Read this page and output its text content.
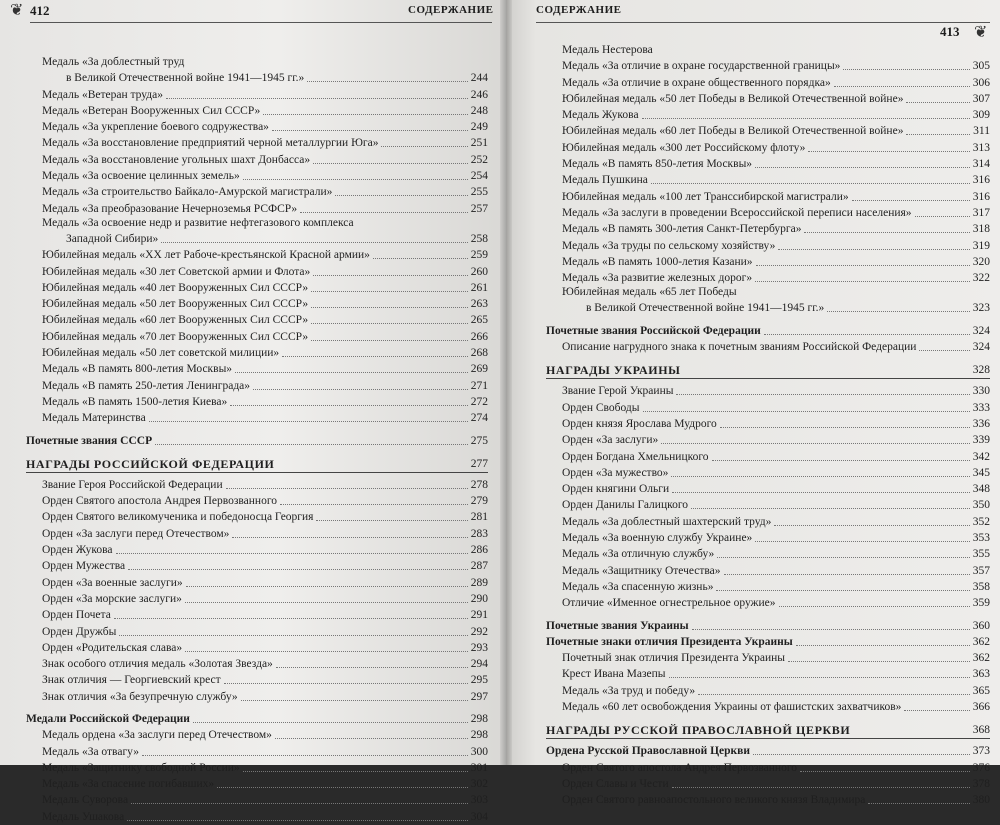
❦ 412	СОДЕРЖАНИЕ
Медаль «За доблестный труд
в Великой Отечественной войне 1941—1945 гг.»	244
Медаль «Ветеран труда»	246
Медаль «Ветеран Вооруженных Сил СССР»	248
Медаль «За укрепление боевого содружества»	249
Медаль «За восстановление предприятий черной металлургии Юга»	251
Медаль «За восстановление угольных шахт Донбасса»	252
Медаль «За освоение целинных земель»	254
Медаль «За строительство Байкало-Амурской магистрали»	255
Медаль «За преобразование Нечерноземья РСФСР»	257
Медаль «За освоение недр и развитие нефтегазового комплекса
Западной Сибири»	258
Юбилейная медаль «XX лет Рабоче-крестьянской Красной армии»	259
Юбилейная медаль «30 лет Советской армии и Флота»	260
Юбилейная медаль «40 лет Вооруженных Сил СССР»	261
Юбилейная медаль «50 лет Вооруженных Сил СССР»	263
Юбилейная медаль «60 лет Вооруженных Сил СССР»	265
Юбилейная медаль «70 лет Вооруженных Сил СССР»	266
Юбилейная медаль «50 лет советской милиции»	268
Медаль «В память 800-летия Москвы»	269
Медаль «В память 250-летия Ленинграда»	271
Медаль «В память 1500-летия Киева»	272
Медаль Материнства	274
Почетные звания СССР	275
НАГРАДЫ РОССИЙСКОЙ ФЕДЕРАЦИИ	277
Звание Героя Российской Федерации	278
Орден Святого апостола Андрея Первозванного	279
Орден Святого великомученика и победоносца Георгия	281
Орден «За заслуги перед Отечеством»	283
Орден Жукова	286
Орден Мужества	287
Орден «За военные заслуги»	289
Орден «За морские заслуги»	290
Орден Почета	291
Орден Дружбы	292
Орден «Родительская слава»	293
Знак особого отличия медаль «Золотая Звезда»	294
Знак отличия — Георгиевский крест	295
Знак отличия «За безупречную службу»	297
Медали Российской Федерации	298
Медаль ордена «За заслуги перед Отечеством»	298
Медаль «За отвагу»	300
Медаль «Защитнику свободной России»	301
Медаль «За спасение погибавших»	302
Медаль Суворова	303
Медаль Ушакова	304
СОДЕРЖАНИЕ
413 ❦
Медаль Нестерова
Медаль «За отличие в охране государственной границы»	305
Медаль «За отличие в охране общественного порядка»	306
Юбилейная медаль «50 лет Победы в Великой Отечественной войне»	307
Медаль Жукова	309
Юбилейная медаль «60 лет Победы в Великой Отечественной войне»	311
Юбилейная медаль «300 лет Российскому флоту»	313
Медаль «В память 850-летия Москвы»	314
Медаль Пушкина	316
Юбилейная медаль «100 лет Транссибирской магистрали»	316
Медаль «За заслуги в проведении Всероссийской переписи населения»	317
Медаль «В память 300-летия Санкт-Петербурга»	318
Медаль «За труды по сельскому хозяйству»	319
Медаль «В память 1000-летия Казани»	320
Медаль «За развитие железных дорог»	322
Юбилейная медаль «65 лет Победы
в Великой Отечественной войне 1941—1945 гг.»	323
Почетные звания Российской Федерации	324
Описание нагрудного знака к почетным званиям Российской Федерации	324
НАГРАДЫ УКРАИНЫ	328
Звание Герой Украины	330
Орден Свободы	333
Орден князя Ярослава Мудрого	336
Орден «За заслуги»	339
Орден Богдана Хмельницкого	342
Орден «За мужество»	345
Орден княгини Ольги	348
Орден Данилы Галицкого	350
Медаль «За доблестный шахтерский труд»	352
Медаль «За военную службу Украине»	353
Медаль «За отличную службу»	355
Медаль «Защитнику Отечества»	357
Медаль «За спасенную жизнь»	358
Отличие «Именное огнестрельное оружие»	359
Почетные звания Украины	360
Почетные знаки отличия Президента Украины	362
Почетный знак отличия Президента Украины	362
Крест Ивана Мазепы	363
Медаль «За труд и победу»	365
Медаль «60 лет освобождения Украины от фашистских захватчиков»	366
НАГРАДЫ РУССКОЙ ПРАВОСЛАВНОЙ ЦЕРКВИ	368
Ордена Русской Православной Церкви	373
Орден Святого апостола Андрея Первозванного	376
Орден Славы и Чести	378
Орден Святого равноапостольного великого князя Владимира	380
